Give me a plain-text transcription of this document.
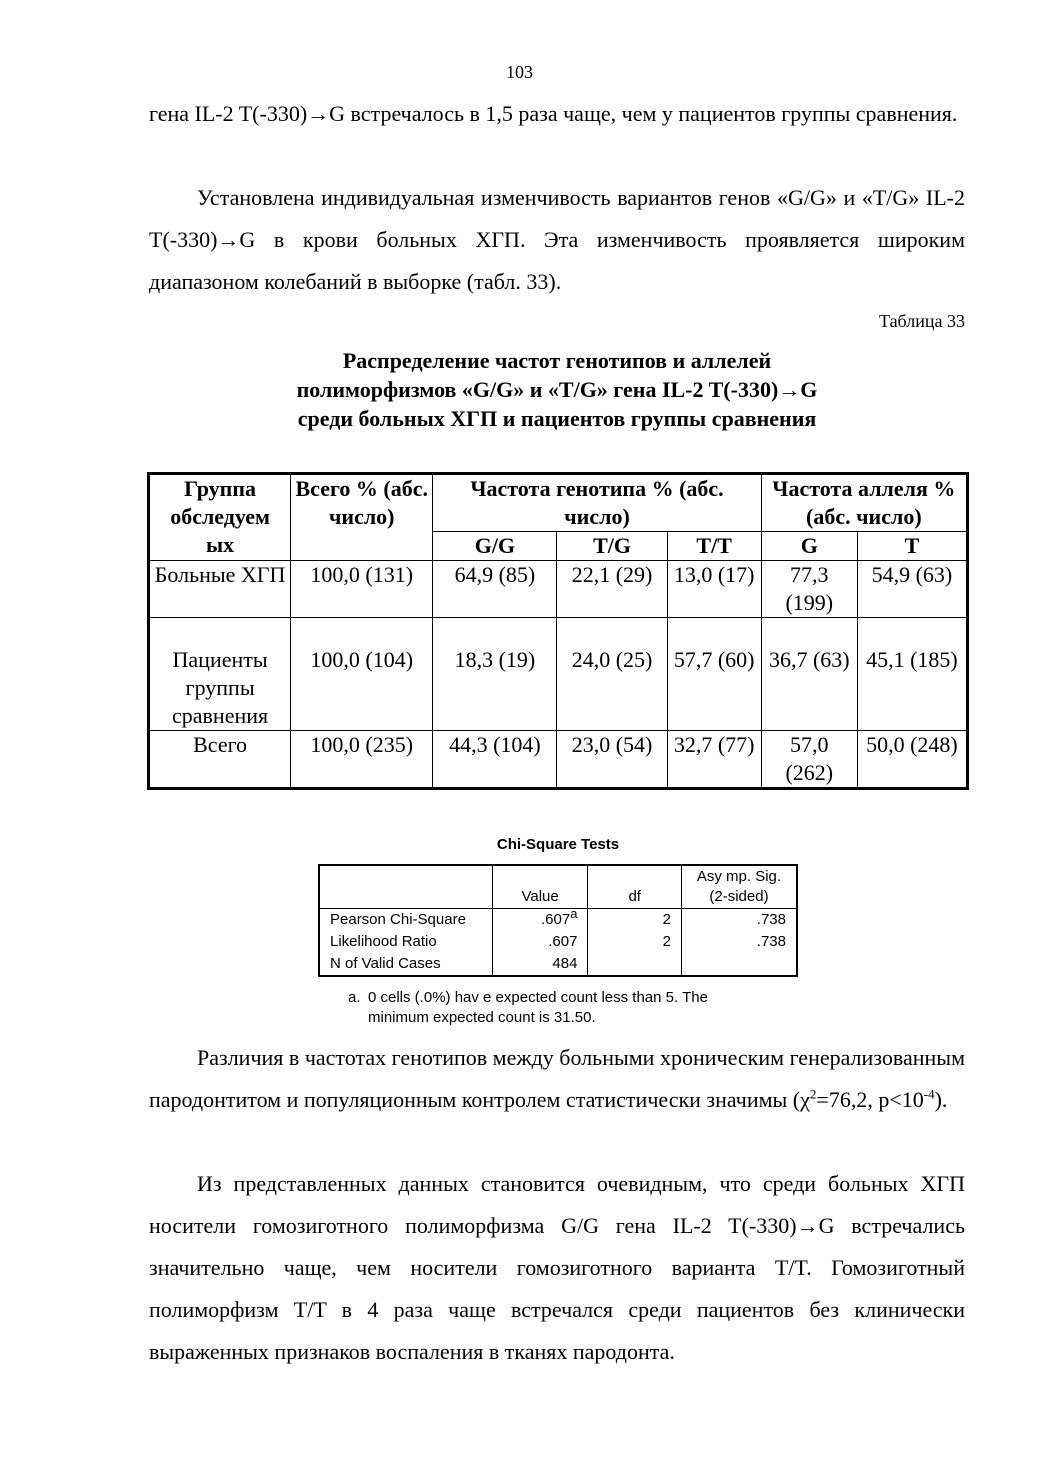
103

гена IL-2 T(-330)→G встречалось в 1,5 раза чаще, чем у пациентов группы сравнения.

Установлена индивидуальная изменчивость вариантов генов «G/G» и «T/G» IL-2 T(-330)→G в крови больных ХГП. Эта изменчивость проявляется широким диапазоном колебаний в выборке (табл. 33).

Таблица 33
Распределение частот генотипов и аллелей
полиморфизмов «G/G» и «T/G» гена IL-2 T(-330)→G
среди больных ХГП и пациентов группы сравнения
Группа обследуем ых	Всего % (абс. число)	Частота генотипа % (абс. число)			Частота аллеля % (абс. число)	
		G/G	T/G	T/T	G	T
Больные ХГП	100,0 (131)	64,9 (85)	22,1 (29)	13,0 (17)	77,3 (199)	54,9 (63)
Пациенты группы сравнения	100,0 (104)	18,3 (19)	24,0 (25)	57,7 (60)	36,7 (63)	45,1 (185)
Всего	100,0 (235)	44,3 (104)	23,0 (54)	32,7 (77)	57,0 (262)	50,0 (248)
Chi-Square Tests
	Value	df	Asy mp. Sig.
(2-sided)

Pearson Chi-Square	.607$^a$	2	.738
Likelihood Ratio	.607	2	.738
N of Valid Cases	484		
a. 0 cells (.0%) hav e expected count less than 5. The minimum expected count is 31.50.

Различия в частотах генотипов между больными хроническим генерализованным пародонтитом и популяционным контролем статистически значимы ($\chi^2=76,2$, $p<10^{-4}$).

Из представленных данных становится очевидным, что среди больных ХГП носители гомозиготного полиморфизма G/G гена IL-2 T(-330)→G встречались значительно чаще, чем носители гомозиготного варианта T/T. Гомозиготный полиморфизм T/T в 4 раза чаще встречался среди пациентов без клинически выраженных признаков воспаления в тканях пародонта.
